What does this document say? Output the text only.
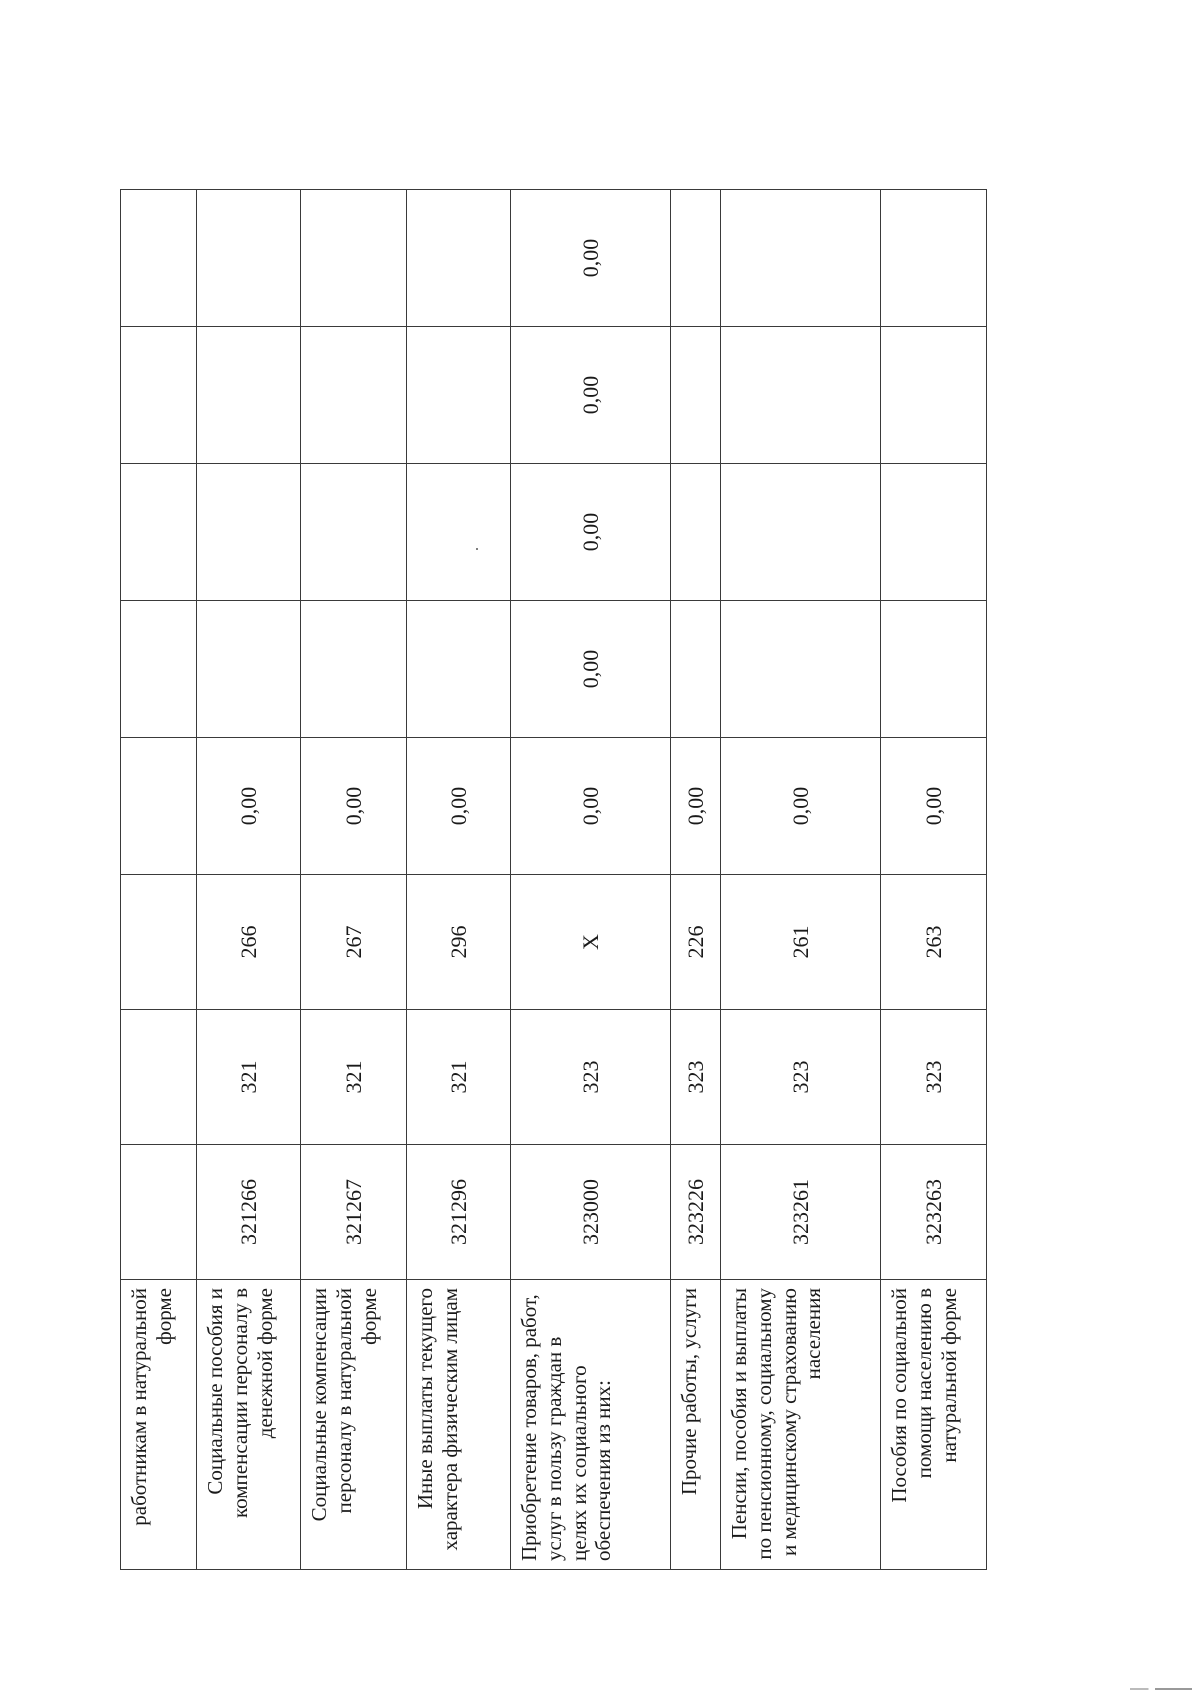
работникам в натуральной форме								
Социальные пособия и компенсации персоналу в денежной форме	321266	321	266	0,00				
Социальные компенсации персоналу в натуральной форме	321267	321	267	0,00				
Иные выплаты текущего характера физическим лицам	321296	321	296	0,00				
Приобретение товаров, работ, услуг в пользу граждан в целях их социального обеспечения из них:	323000	323	X	0,00	0,00	0,00	0,00	0,00
Прочие работы, услуги	323226	323	226	0,00				
Пенсии, пособия и выплаты по пенсионному, социальному и медицинскому страхованию населения	323261	323	261	0,00				
Пособия по социальной помощи населению в натуральной форме	323263	323	263	0,00				
